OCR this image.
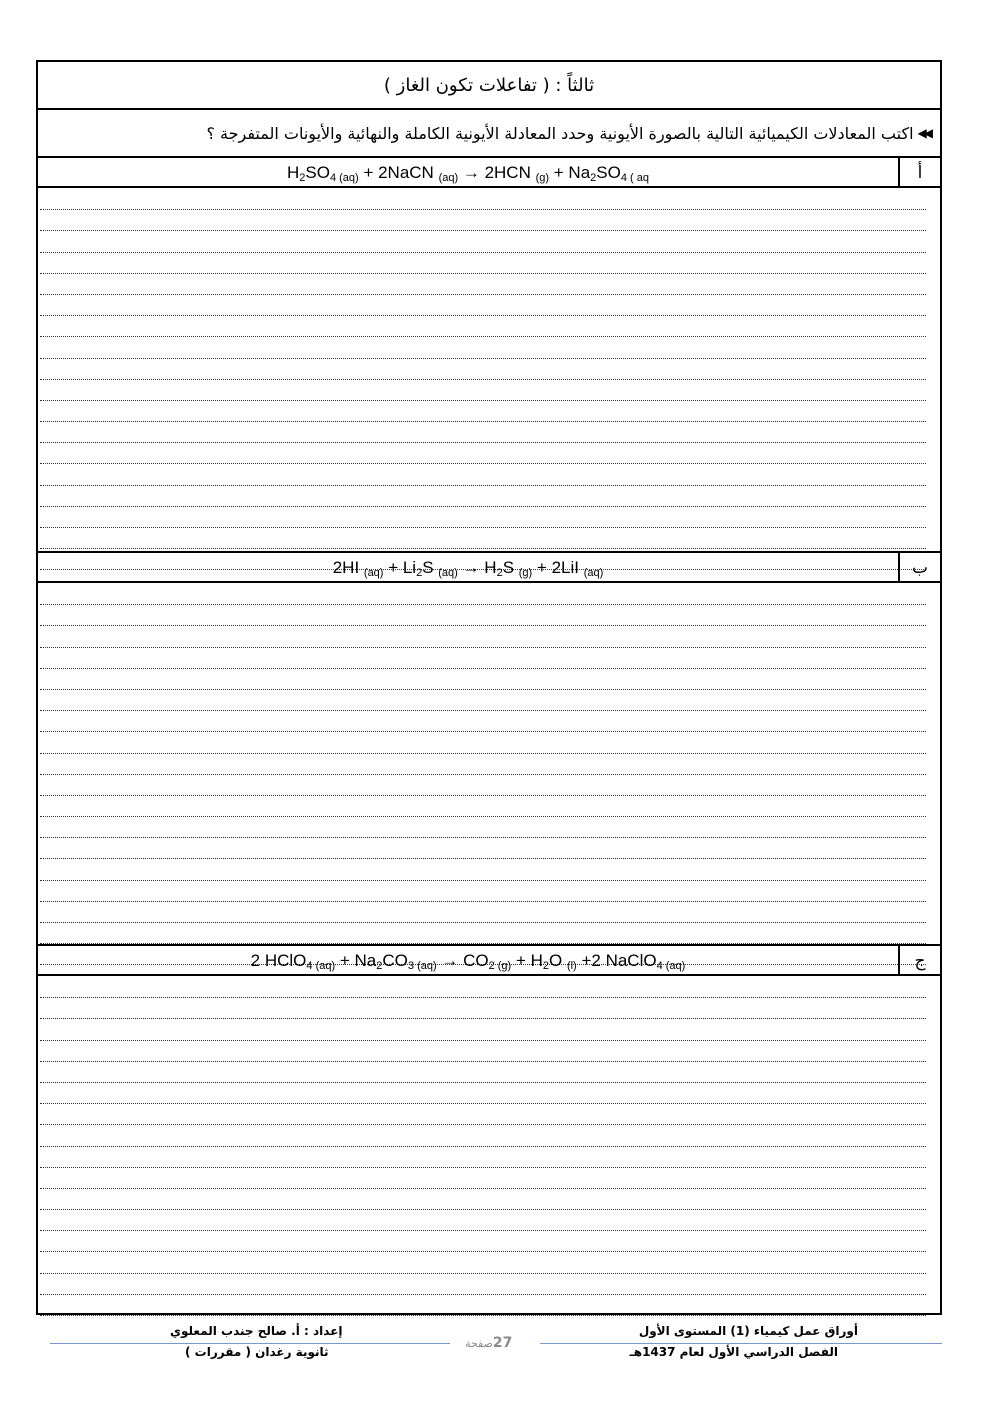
ثالثاً : ( تفاعلات تكون الغاز )
◀◀
اكتب المعادلات الكيميائية التالية بالصورة الأيونية وحدد المعادلة الأيونية الكاملة والنهائية والأيونات المتفرجة ؟
$H_2SO_{4 (aq)}$ + 2NaCN $_{(aq)}$ → 2HCN $_{(g)} + Na_2SO_{4 ( aq}$	أ
2HI $_{(aq)} + Li_2S$ $_{(aq)} \to H_2S$ $_{(g)}$ + 2LiI $_{(aq)}$	ب
2 HClO$_{4 (aq)}$ + $Na_2CO_{3 (aq)} \to CO_{2 (g)} + H_2O$ $_{(l)}$ +2 NaClO$_{4 (aq)}$	ج
أوراق عمل كيمياء (1) المستوى الأول
الفصل الدراسي الأول لعام 1437هـ
إعداد : أ. صالح جندب المعلوي
ثانوية رغدان ( مقررات )
27صفحة
